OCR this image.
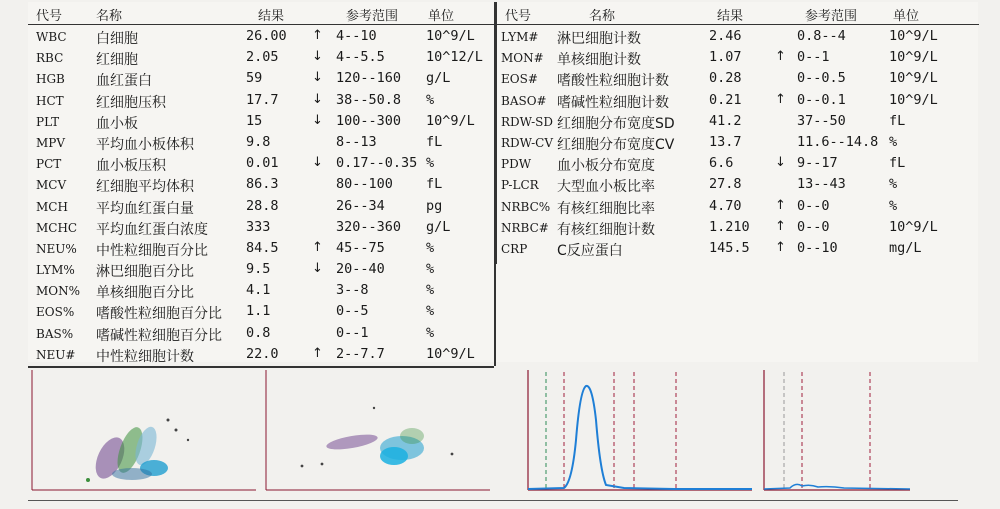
代号	名称	结果	参考范围 单位
WBC 白细胞	26.00 ↑ 4--10	10^9/L
RBC 红细胞	2.05	↓ 4--5.5	10^12/L
HGB 血红蛋白	59	↓ 120--160 g/L
HCT 红细胞压积	17.7	↓ 38--50.8 %
PLT	血小板	15	↓ 100--300 10^9/L
MPV 平均血小板体积	9.8	8--13	fL
PCT 血小板压积	0.01	↓ 0.17--0.35 %
MCV 红细胞平均体积	86.3	80--100 fL
MCH 平均血红蛋白量	28.8	26--34	pg
MCHC 平均血红蛋白浓度	333	320--360 g/L
NEU% 中性粒细胞百分比	84.5	↑ 45--75	%
LYM% 淋巴细胞百分比	9.5	↓ 20--40	%
MON% 单核细胞百分比	4.1	3--8	%
EOS% 嗜酸性粒细胞百分比 1.1	0--5	%
BAS% 嗜碱性粒细胞百分比 0.8	0--1	%
NEU# 中性粒细胞计数	22.0	↑ 2--7.7	10^9/L
代号	名称	结果	参考范围	单位
LYM# 淋巴细胞计数	2.46	0.8--4	10^9/L
MON# 单核细胞计数	1.07	↑ 0--1	10^9/L
EOS# 嗜酸性粒细胞计数	0.28	0--0.5	10^9/L
BASO# 嗜碱性粒细胞计数	0.21	↑ 0--0.1	10^9/L
RDW-SD 红细胞分布宽度SD	41.2	37--50	fL
RDW-CV 红细胞分布宽度CV	13.7	11.6--14.8 %
PDW 血小板分布宽度	6.6	↓ 9--17	fL
P-LCR 大型血小板比率	27.8	13--43	%
NRBC% 有核红细胞比率	4.70	↑ 0--0	%
NRBC# 有核红细胞计数	1.210 ↑ 0--0	10^9/L
CRP C反应蛋白	145.5 ↑ 0--10	mg/L
